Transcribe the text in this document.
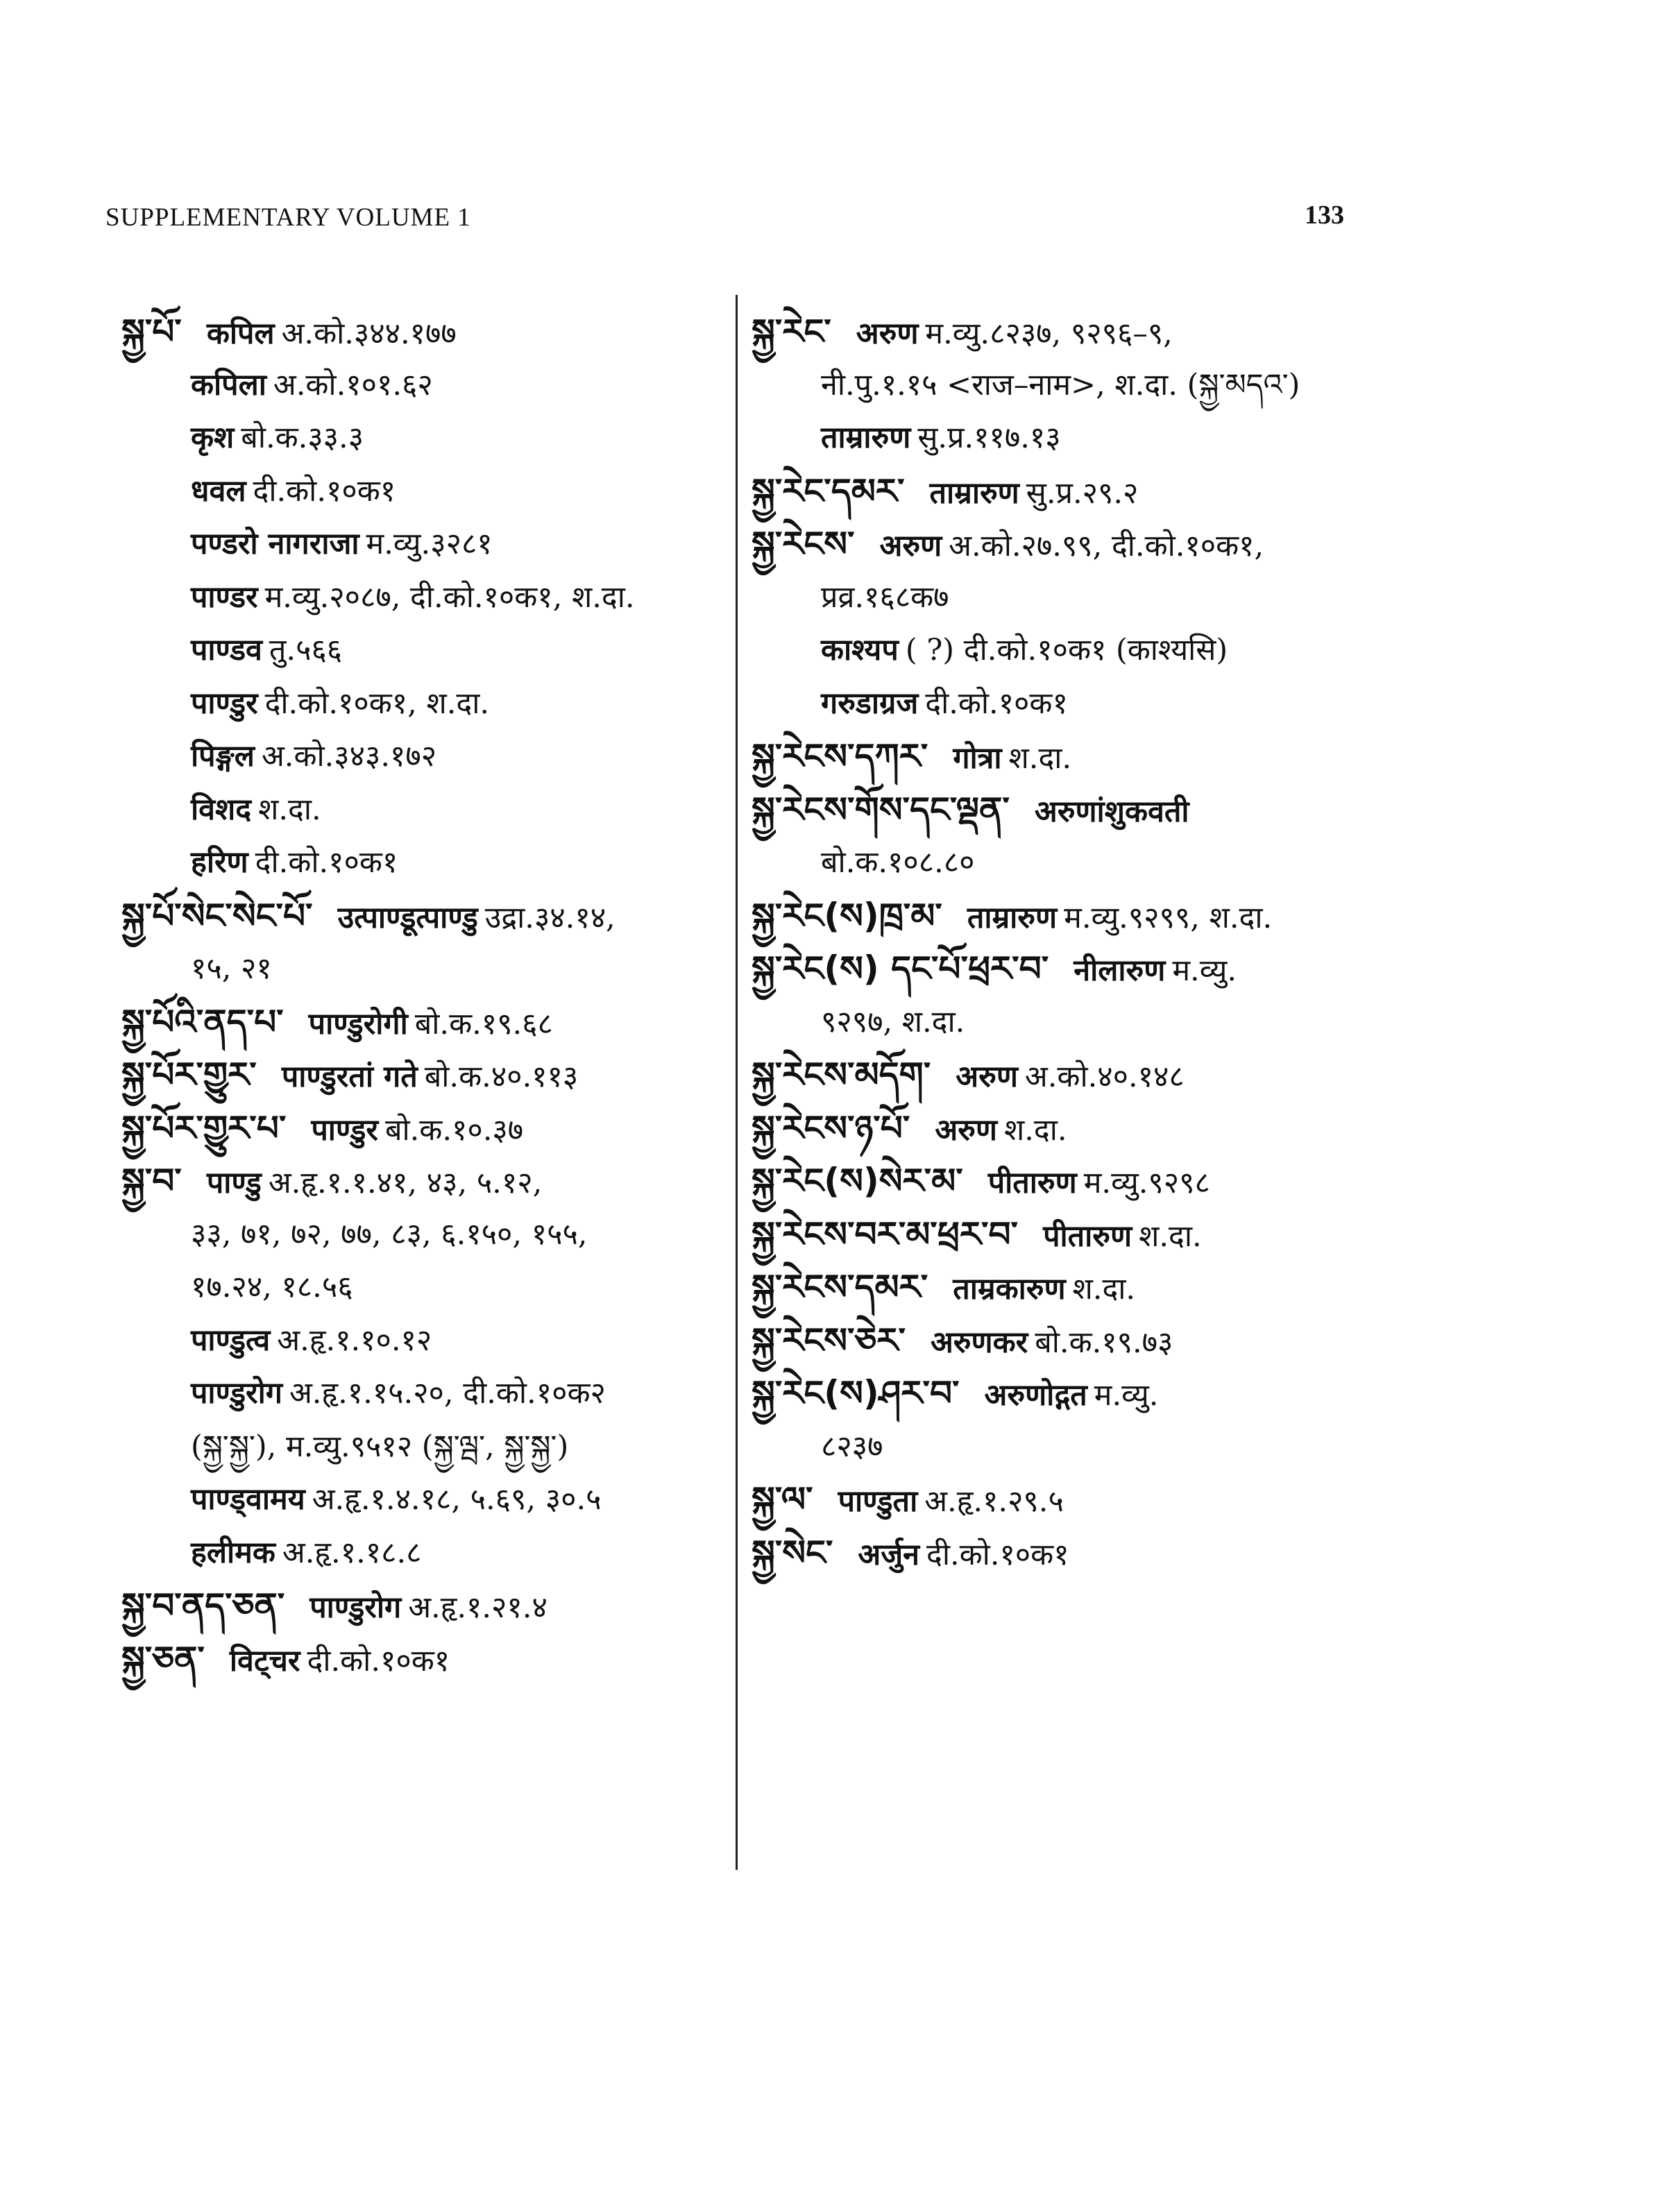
SUPPLEMENTARY VOLUME 1	133
སྐྱ་པོ་ कपिल अ.को.३४४.१७७
कपिला अ.को.१०१.६२
कृश बो.क.३३.३
धवल दी.को.१०क१
पण्डरो नागराजा म.व्यु.३२८१
पाण्डर म.व्यु.२०८७, दी.को.१०क१, श.दा.
पाण्डव तु.५६६
पाण्डुर दी.को.१०क१, श.दा.
पिङ्गल अ.को.३४३.१७२
विशद श.दा.
हरिण दी.को.१०क१
སྐྱ་པོ་སེང་སེང་པོ་ उत्पाण्डूत्पाण्डु उद्रा.३४.१४,
१५, २१
སྐྱ་པོའི་ནད་པ་ पाण्डुरोगी बो.क.१९.६८
སྐྱ་པོར་གྱུར་ पाण्डुरतां गते बो.क.४०.११३
སྐྱ་པོར་གྱུར་པ་ पाण्डुर बो.क.१०.३७
སྐྱ་བ་ पाण्डु अ.हृ.१.१.४१, ४३, ५.१२,
३३, ७१, ७२, ७७, ८३, ६.१५०, १५५,
१७.२४, १८.५६
पाण्डुत्व अ.हृ.१.१०.१२
पाण्डुरोग अ.हृ.१.१५.२०, दी.को.१०क२
(སྐྱ་སྐྱ་), म.व्यु.९५१२ (སྐྱ་ལྦ་, སྐྱ་སྐྱ་)
पाण्ड्वामय अ.हृ.१.४.१८, ५.६९, ३०.५
हलीमक अ.हृ.१.१८.८
སྐྱ་བ་ནད་ཅན་ पाण्डुरोग अ.हृ.१.२१.४
སྐྱ་ཅན་ विट्चर दी.को.१०क१
སྐྱ་རེང་ अरुण म.व्यु.८२३७, ९२९६–९,
नी.पु.१.१५ <राज–नाम>, श.दा. (སྐྱ་མདའ་)
ताम्रारुण सु.प्र.११७.१३
སྐྱ་རེང་དམར་ ताम्रारुण सु.प्र.२९.२
སྐྱ་རེངས་ अरुण अ.को.२७.९९, दी.को.१०क१,
प्रव्र.१६८क७
काश्यप ( ?) दी.को.१०क१ (काश्यसि)
गरुडाग्रज दी.को.१०क१
སྐྱ་རེངས་དཀར་ गोत्रा श.दा.
སྐྱ་རེངས་གོས་དང་ལྡན་ अरुणांशुकवती
बो.क.१०८.८०
སྐྱ་རེང(ས)ཁྲ་མ་ ताम्रारुण म.व्यु.९२९९, श.दा.
སྐྱ་རེང(ས) དང་པོ་ཕྲར་བ་ नीलारुण म.व्यु.
९२९७, श.दा.
སྐྱ་རེངས་མདོག་ अरुण अ.को.४०.१४८
སྐྱ་རེངས་ཉ་པོ་ अरुण श.दा.
སྐྱ་རེང(ས)སེར་མ་ पीतारुण म.व्यु.९२९८
སྐྱ་རེངས་བར་མ་ཕྲར་བ་ पीतारुण श.दा.
སྐྱ་རེངས་དམར་ ताम्रकारुण श.दा.
སྐྱ་རེངས་ཅེར་ अरुणकर बो.क.१९.७३
སྐྱ་རེང(ས)ཤར་བ་ अरुणोद्गत म.व्यु.
८२३७
སྐྱ་ལ་ पाण्डुता अ.हृ.१.२९.५
སྐྱ་སེང་ अर्जुन दी.को.१०क१
